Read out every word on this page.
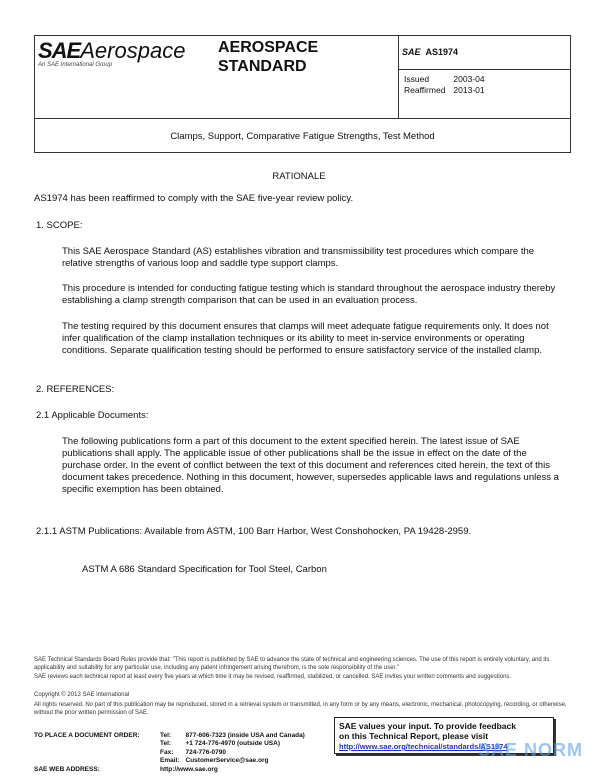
SAEAerospace
An SAE International Group
AEROSPACE
STANDARD
SAE AS1974
Issued	2003-04
Reaffirmed	2013-01
Clamps, Support, Comparative Fatigue Strengths, Test Method
RATIONALE
AS1974 has been reaffirmed to comply with the SAE five-year review policy.
1. SCOPE:
This SAE Aerospace Standard (AS) establishes vibration and transmissibility test procedures which compare the relative strengths of various loop and saddle type support clamps.
This procedure is intended for conducting fatigue testing which is standard throughout the aerospace industry thereby establishing a clamp strength comparison that can be used in an evaluation process.
The testing required by this document ensures that clamps will meet adequate fatigue requirements only. It does not infer qualification of the clamp installation techniques or its ability to meet in-service environments or operating conditions. Separate qualification testing should be performed to ensure satisfactory service of the installed clamp.
2. REFERENCES:
2.1 Applicable Documents:
The following publications form a part of this document to the extent specified herein. The latest issue of SAE publications shall apply. The applicable issue of other publications shall be the issue in effect on the date of the purchase order. In the event of conflict between the text of this document and references cited herein, the text of this document takes precedence. Nothing in this document, however, supersedes applicable laws and regulations unless a specific exemption has been obtained.
2.1.1 ASTM Publications: Available from ASTM, 100 Barr Harbor, West Conshohocken, PA 19428-2959.
ASTM A 686 Standard Specification for Tool Steel, Carbon
SAE Technical Standards Board Rules provide that: "This report is published by SAE to advance the state of technical and engineering sciences. The use of this report is entirely voluntary, and its applicability and suitability for any particular use, including any patent infringement arising therefrom, is the sole responsibility of the user."
SAE reviews each technical report at least every five years at which time it may be revised, reaffirmed, stabilized, or cancelled. SAE invites your written comments and suggestions.
Copyright © 2013 SAE International
All rights reserved. No part of this publication may be reproduced, stored in a retrieval system or transmitted, in any form or by any means, electronic, mechanical, photocopying, recording, or otherwise, without the prior written permission of SAE.
TO PLACE A DOCUMENT ORDER:	Tel:	877-606-7323 (inside USA and Canada)
	Tel:	+1 724-776-4970 (outside USA)
	Fax:	724-776-0790
	Email:	CustomerService@sae.org
SAE WEB ADDRESS:	http://www.sae.org	
SAE values your input. To provide feedback
on this Technical Report, please visit
http://www.sae.org/technical/standards/AS1974
SAE NORM
